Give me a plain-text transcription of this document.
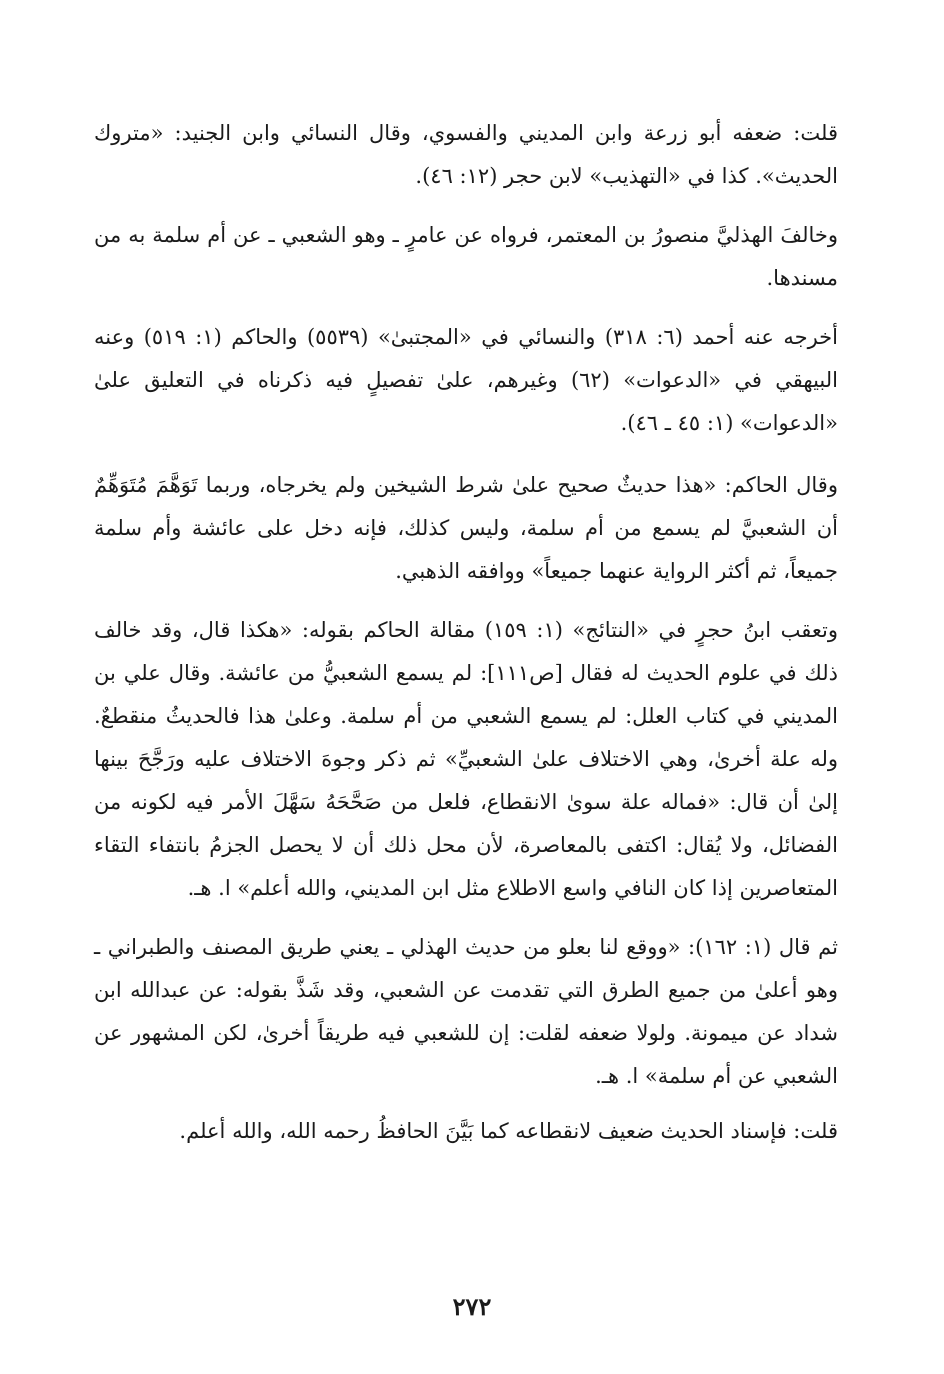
قلت: ضعفه أبو زرعة وابن المديني والفسوي، وقال النسائي وابن الجنيد: «متروك الحديث». كذا في «التهذيب» لابن حجر (١٢: ٤٦).

وخالفَ الهذليَّ منصورُ بن المعتمر، فرواه عن عامرٍ ـ وهو الشعبي ـ عن أم سلمة به من مسندها.

أخرجه عنه أحمد (٦: ٣١٨) والنسائي في «المجتبىٰ» (٥٥٣٩) والحاكم (١: ٥١٩) وعنه البيهقي في «الدعوات» (٦٢) وغيرهم، علىٰ تفصيلٍ فيه ذكرناه في التعليق علىٰ «الدعوات» (١: ٤٥ ـ ٤٦).

وقال الحاكم: «هذا حديثٌ صحيح علىٰ شرط الشيخين ولم يخرجاه، وربما تَوَهَّمَ مُتَوَهِّمٌ أن الشعبيَّ لم يسمع من أم سلمة، وليس كذلك، فإنه دخل على عائشة وأم سلمة جميعاً، ثم أكثر الرواية عنهما جميعاً» ووافقه الذهبي.

وتعقب ابنُ حجرٍ في «النتائج» (١: ١٥٩) مقالة الحاكم بقوله: «هكذا قال، وقد خالف ذلك في علوم الحديث له فقال [ص١١١]: لم يسمع الشعبيُّ من عائشة. وقال علي بن المديني في كتاب العلل: لم يسمع الشعبي من أم سلمة. وعلىٰ هذا فالحديثُ منقطعٌ. وله علة أخرىٰ، وهي الاختلاف علىٰ الشعبيِّ» ثم ذكر وجوهَ الاختلاف عليه ورَجَّحَ بينها إلىٰ أن قال: «فماله علة سوىٰ الانقطاع، فلعل من صَحَّحَهُ سَهَّلَ الأمر فيه لكونه من الفضائل، ولا يُقال: اكتفى بالمعاصرة، لأن محل ذلك أن لا يحصل الجزمُ بانتفاء التقاء المتعاصرين إذا كان النافي واسع الاطلاع مثل ابن المديني، والله أعلم» ا. هـ.

ثم قال (١: ١٦٢): «ووقع لنا بعلو من حديث الهذلي ـ يعني طريق المصنف والطبراني ـ وهو أعلىٰ من جميع الطرق التي تقدمت عن الشعبي، وقد شَذَّ بقوله: عن عبدالله ابن شداد عن ميمونة. ولولا ضعفه لقلت: إن للشعبي فيه طريقاً أخرىٰ، لكن المشهور عن الشعبي عن أم سلمة» ا. هـ.

قلت: فإسناد الحديث ضعيف لانقطاعه كما بَيَّنَ الحافظُ رحمه الله، والله أعلم.

٢٧٢
